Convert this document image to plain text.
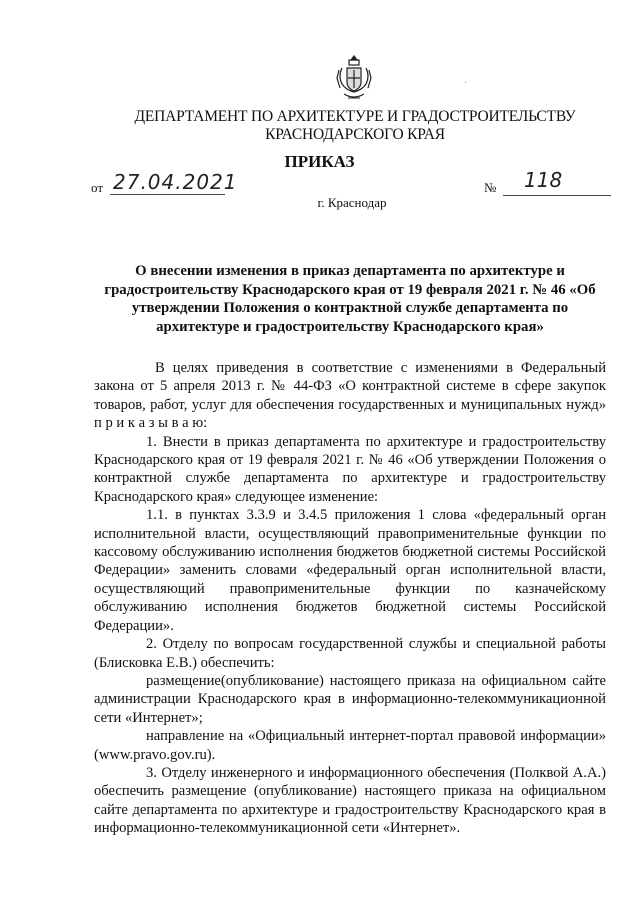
·
ДЕПАРТАМЕНТ ПО АРХИТЕКТУРЕ И ГРАДОСТРОИТЕЛЬСТВУ
КРАСНОДАРСКОГО КРАЯ
ПРИКАЗ
от 27.04.2021	№ 118
г. Краснодар
О внесении изменения в приказ департамента по архитектуре и градостроительству Краснодарского края от 19 февраля 2021 г. № 46 «Об утверждении Положения о контрактной службе департамента по архитектуре и градостроительству Краснодарского края»

В целях приведения в соответствие с изменениями в Федеральный закона от 5 апреля 2013 г. № 44-ФЗ «О контрактной системе в сфере закупок товаров, работ, услуг для обеспечения государственных и муниципальных нужд» п р и к а з ы в а ю:

1. Внести в приказ департамента по архитектуре и градостроительству Краснодарского края от 19 февраля 2021 г. № 46 «Об утверждении Положения о контрактной службе департамента по архитектуре и градостроительству Краснодарского края» следующее изменение:

1.1. в пунктах 3.3.9 и 3.4.5 приложения 1 слова «федеральный орган исполнительной власти, осуществляющий правоприменительные функции по кассовому обслуживанию исполнения бюджетов бюджетной системы Российской Федерации» заменить словами «федеральный орган исполнительной власти, осуществляющий правоприменительные функции по казначейскому обслуживанию исполнения бюджетов бюджетной системы Российской Федерации».

2. Отделу по вопросам государственной службы и специальной работы (Блисковка Е.В.) обеспечить:

размещение(опубликование) настоящего приказа на официальном сайте администрации Краснодарского края в информационно-телекоммуникационной сети «Интернет»;

направление на «Официальный интернет-портал правовой информации» (www.pravo.gov.ru).

3. Отделу инженерного и информационного обеспечения (Полквой А.А.) обеспечить размещение (опубликование) настоящего приказа на официальном сайте департамента по архитектуре и градостроительству Краснодарского края в информационно-телекоммуникационной сети «Интернет».
